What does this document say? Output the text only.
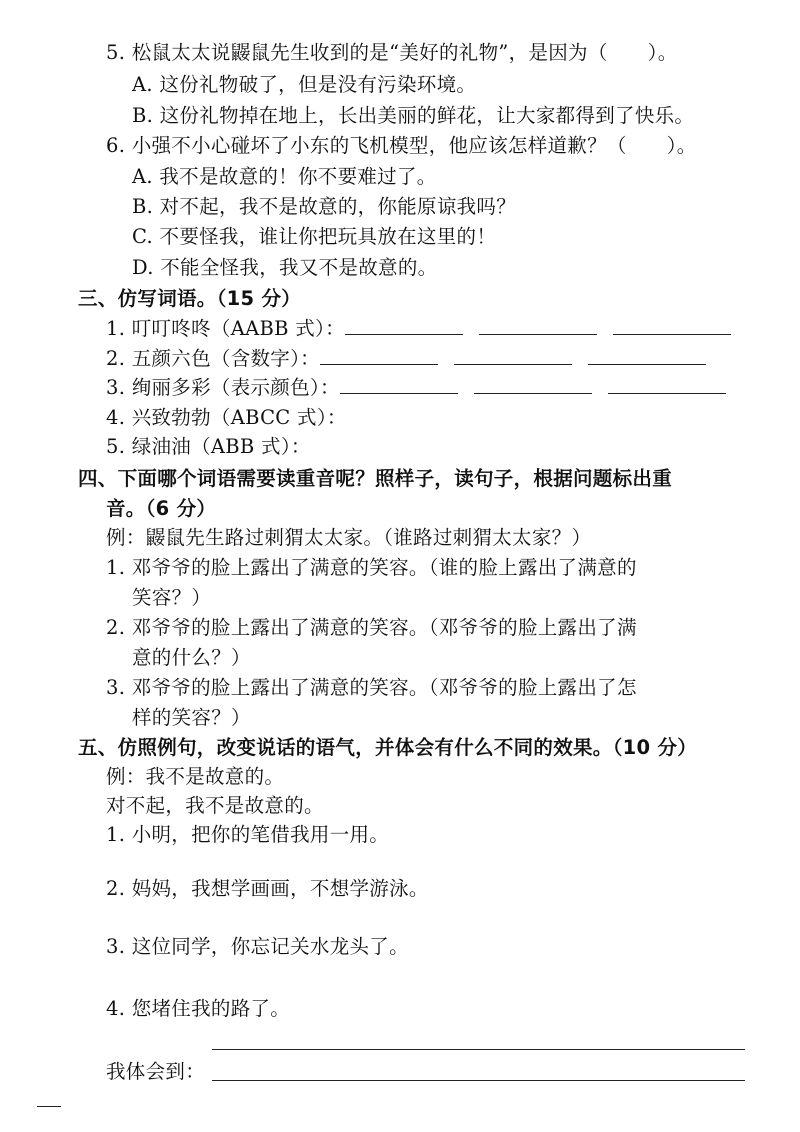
5. 松鼠太太说鼹鼠先生收到的是“美好的礼物”，是因为（ ）。
A. 这份礼物破了，但是没有污染环境。
B. 这份礼物掉在地上，长出美丽的鲜花，让大家都得到了快乐。
6. 小强不小心碰坏了小东的飞机模型，他应该怎样道歉？（ ）。
A. 我不是故意的！你不要难过了。
B. 对不起，我不是故意的，你能原谅我吗？
C. 不要怪我，谁让你把玩具放在这里的！
D. 不能全怪我，我又不是故意的。
三、仿写词语。（15 分）
1. 叮叮咚咚（AABB 式）：
2. 五颜六色（含数字）：
3. 绚丽多彩（表示颜色）：
4. 兴致勃勃（ABCC 式）：
5. 绿油油（ABB 式）：
四、下面哪个词语需要读重音呢？照样子，读句子，根据问题标出重
音。（6 分）
例：鼹鼠先生路过刺猬太太家。（谁路过刺猬太太家？）
1. 邓爷爷的脸上露出了满意的笑容。（谁的脸上露出了满意的
笑容？）
2. 邓爷爷的脸上露出了满意的笑容。（邓爷爷的脸上露出了满
意的什么？）
3. 邓爷爷的脸上露出了满意的笑容。（邓爷爷的脸上露出了怎
样的笑容？）
五、仿照例句，改变说话的语气，并体会有什么不同的效果。（10 分）
例：我不是故意的。
对不起，我不是故意的。
1. 小明，把你的笔借我用一用。
2. 妈妈，我想学画画，不想学游泳。
3. 这位同学，你忘记关水龙头了。
4. 您堵住我的路了。
我体会到：
